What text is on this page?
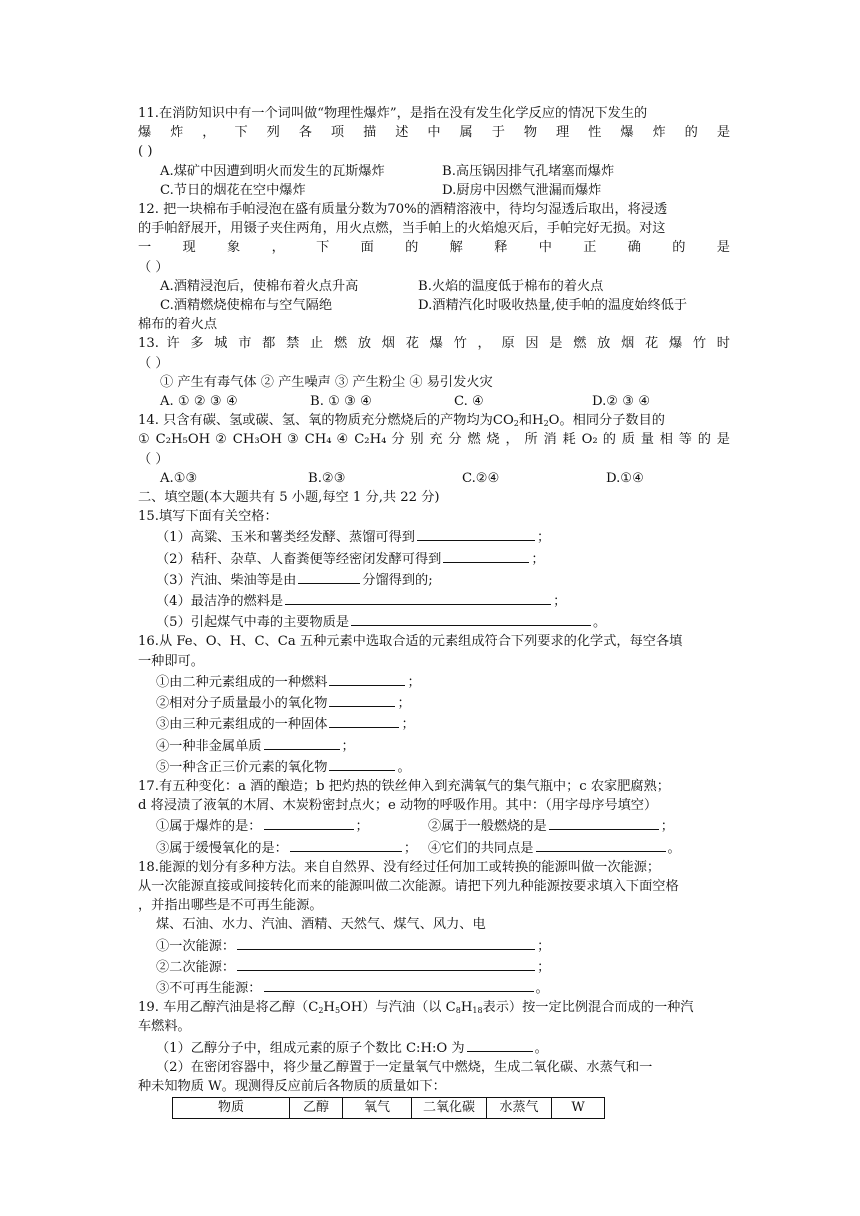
11.在消防知识中有一个词叫做“物理性爆炸”，是指在没有发生化学反应的情况下发生的
爆 炸 ， 下 列 各 项 描 述 中 属 于 物 理 性 爆 炸 的 是
( )
A.煤矿中因遭到明火而发生的瓦斯爆炸	B.高压锅因排气孔堵塞而爆炸
C.节日的烟花在空中爆炸	D.厨房中因燃气泄漏而爆炸
12. 把一块棉布手帕浸泡在盛有质量分数为70%的酒精溶液中，待均匀湿透后取出，将浸透
的手帕舒展开，用镊子夹住两角，用火点燃，当手帕上的火焰熄灭后，手帕完好无损。对这
一 现 象 ， 下 面 的 解 释 中 正 确 的 是
（ ）
A.酒精浸泡后，使棉布着火点升高	B.火焰的温度低于棉布的着火点
C.酒精燃烧使棉布与空气隔绝	D.酒精汽化时吸收热量,使手帕的温度始终低于
棉布的着火点
13. 许 多 城 市 都 禁 止 燃 放 烟 花 爆 竹 ， 原 因 是 燃 放 烟 花 爆 竹 时
（ ）
① 产生有毒气体 ② 产生噪声 ③ 产生粉尘 ④ 易引发火灾
A. ① ② ③ ④	B. ① ③ ④	C. ④	D.② ③ ④
14. 只含有碳、氢或碳、氢、氧的物质充分燃烧后的产物均为$CO_2$和$H_2O$。相同分子数目的
① C₂H₅OH ② CH₃OH ③ CH₄ ④ C₂H₄ 分 别 充 分 燃 烧 ， 所 消 耗 O₂ 的 质 量 相 等 的 是
（ ）
A.①③	B.②③	C.②④	D.①④
二、填空题(本大题共有 5 小题,每空 1 分,共 22 分)
15.填写下面有关空格：
（1）高粱、玉米和薯类经发酵、蒸馏可得到	；
（2）秸秆、杂草、人畜粪便等经密闭发酵可得到	；
（3）汽油、柴油等是由	分馏得到的;
（4）最洁净的燃料是	；
（5）引起煤气中毒的主要物质是	。
16.从 Fe、O、H、C、Ca 五种元素中选取合适的元素组成符合下列要求的化学式，每空各填
一种即可。
①由二种元素组成的一种燃料	；
②相对分子质量最小的氧化物	；
③由三种元素组成的一种固体	；
④一种非金属单质	；
⑤一种含正三价元素的氧化物	。
17.有五种变化：a 酒的酿造；b 把灼热的铁丝伸入到充满氧气的集气瓶中；c 农家肥腐熟；
d 将浸渍了液氧的木屑、木炭粉密封点火；e 动物的呼吸作用。其中：（用字母序号填空）
①属于爆炸的是：	；	②属于一般燃烧的是	；
③属于缓慢氧化的是：	； ④它们的共同点是	。
18.能源的划分有多种方法。来自自然界、没有经过任何加工或转换的能源叫做一次能源；
从一次能源直接或间接转化而来的能源叫做二次能源。请把下列九种能源按要求填入下面空格
，并指出哪些是不可再生能源。
煤、石油、水力、汽油、酒精、天然气、煤气、风力、电
①一次能源：	；
②二次能源：	；
③不可再生能源：	。
19. 车用乙醇汽油是将乙醇$(C_2H_5OH)$与汽油（以 $C_8H_{18}$表示）按一定比例混合而成的一种汽
车燃料。
（1）乙醇分子中，组成元素的原子个数比 C:H:O 为	。
（2）在密闭容器中，将少量乙醇置于一定量氧气中燃烧，生成二氧化碳、水蒸气和一
种未知物质 W。现测得反应前后各物质的质量如下：
物质	乙醇	氧气	二氧化碳	水蒸气	W
